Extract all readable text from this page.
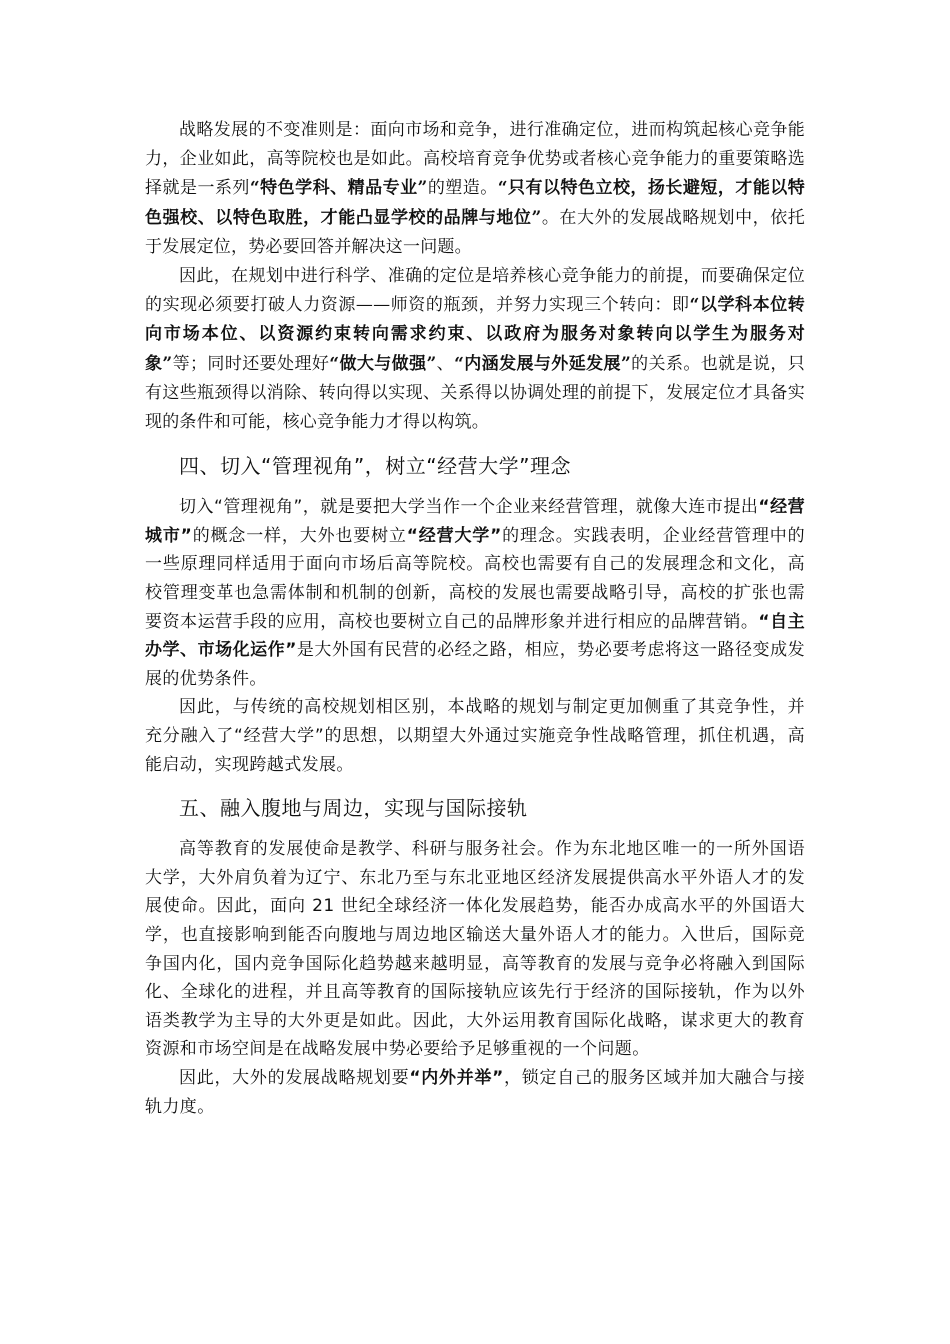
战略发展的不变准则是：面向市场和竞争，进行准确定位，进而构筑起核心竞争能力，企业如此，高等院校也是如此。高校培育竞争优势或者核心竞争能力的重要策略选择就是一系列“特色学科、精品专业”的塑造。“只有以特色立校，扬长避短，才能以特色强校、以特色取胜，才能凸显学校的品牌与地位”。在大外的发展战略规划中，依托于发展定位，势必要回答并解决这一问题。

因此，在规划中进行科学、准确的定位是培养核心竞争能力的前提，而要确保定位的实现必须要打破人力资源——师资的瓶颈，并努力实现三个转向：即“以学科本位转向市场本位、以资源约束转向需求约束、以政府为服务对象转向以学生为服务对象”等；同时还要处理好“做大与做强”、“内涵发展与外延发展”的关系。也就是说，只有这些瓶颈得以消除、转向得以实现、关系得以协调处理的前提下，发展定位才具备实现的条件和可能，核心竞争能力才得以构筑。

四、切入“管理视角”，树立“经营大学”理念

切入“管理视角”，就是要把大学当作一个企业来经营管理，就像大连市提出“经营城市”的概念一样，大外也要树立“经营大学”的理念。实践表明，企业经营管理中的一些原理同样适用于面向市场后高等院校。高校也需要有自己的发展理念和文化，高校管理变革也急需体制和机制的创新，高校的发展也需要战略引导，高校的扩张也需要资本运营手段的应用，高校也要树立自己的品牌形象并进行相应的品牌营销。“自主办学、市场化运作”是大外国有民营的必经之路，相应，势必要考虑将这一路径变成发展的优势条件。

因此，与传统的高校规划相区别，本战略的规划与制定更加侧重了其竞争性，并充分融入了“经营大学”的思想，以期望大外通过实施竞争性战略管理，抓住机遇，高能启动，实现跨越式发展。

五、融入腹地与周边，实现与国际接轨

高等教育的发展使命是教学、科研与服务社会。作为东北地区唯一的一所外国语大学，大外肩负着为辽宁、东北乃至与东北亚地区经济发展提供高水平外语人才的发展使命。因此，面向 21 世纪全球经济一体化发展趋势，能否办成高水平的外国语大学，也直接影响到能否向腹地与周边地区输送大量外语人才的能力。入世后，国际竞争国内化，国内竞争国际化趋势越来越明显，高等教育的发展与竞争必将融入到国际化、全球化的进程，并且高等教育的国际接轨应该先行于经济的国际接轨，作为以外语类教学为主导的大外更是如此。因此，大外运用教育国际化战略，谋求更大的教育资源和市场空间是在战略发展中势必要给予足够重视的一个问题。

因此，大外的发展战略规划要“内外并举”，锁定自己的服务区域并加大融合与接轨力度。
